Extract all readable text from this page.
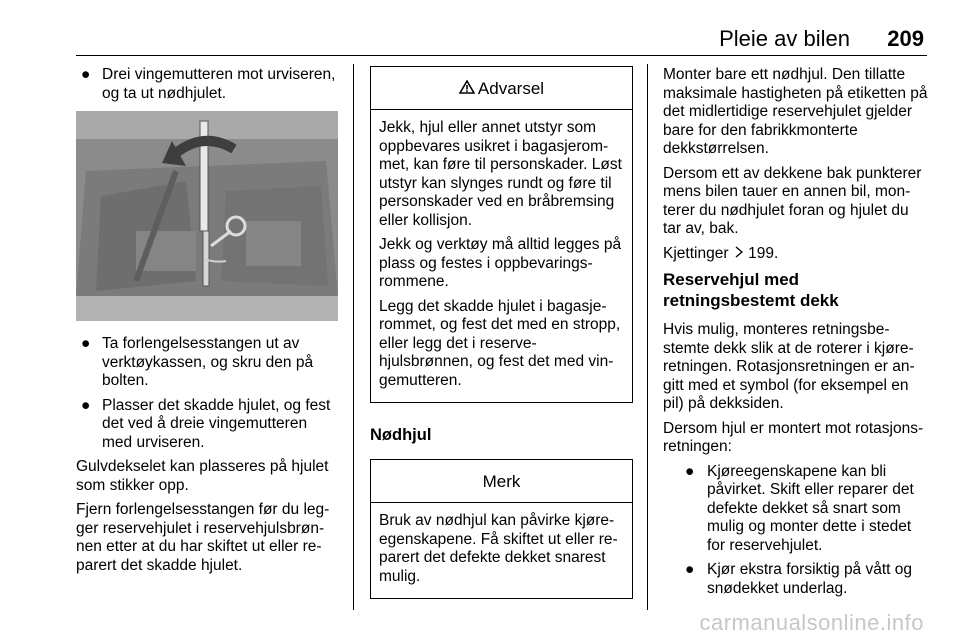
Pleie av bilen 209
● Drei vingemutteren mot urviseren, og ta ut nødhjulet.
● Ta forlengelsesstangen ut av verktøykassen, og skru den på bolten.
● Plasser det skadde hjulet, og fest det ved å dreie vingemutteren med urviseren.

Gulvdekselet kan plasseres på hjulet som stikker opp.

Fjern forlengelsesstangen før du legger reservehjulet i reservehjulsbrønnen etter at du har skiftet ut eller reparert det skadde hjulet.

Advarsel

Jekk, hjul eller annet utstyr som oppbevares usikret i bagasjerommet, kan føre til personskader. Løst utstyr kan slynges rundt og føre til personskader ved en bråbremsing eller kollisjon.

Jekk og verktøy må alltid legges på plass og festes i oppbevaringsrommene.

Legg det skadde hjulet i bagasjerommet, og fest det med en stropp, eller legg det i reservehjulsbrønnen, og fest det med vingemutteren.

Nødhjul
Merk

Bruk av nødhjul kan påvirke kjøreegenskapene. Få skiftet ut eller reparert det defekte dekket snarest mulig.

Monter bare ett nødhjul. Den tillatte maksimale hastigheten på etiketten på det midlertidige reservehjulet gjelder bare for den fabrikkmonterte dekkstørrelsen.

Dersom ett av dekkene bak punkterer mens bilen tauer en annen bil, monterer du nødhjulet foran og hjulet du tar av, bak.

Kjettinger 199.

Reservehjul med retningsbestemt dekk

Hvis mulig, monteres retningsbestemte dekk slik at de roterer i kjøreretningen. Rotasjonsretningen er angitt med et symbol (for eksempel en pil) på dekksiden.

Dersom hjul er montert mot rotasjonsretningen:

● Kjøreegenskapene kan bli påvirket. Skift eller reparer det defekte dekket så snart som mulig og monter dette i stedet for reservehjulet.
● Kjør ekstra forsiktig på vått og snødekket underlag.
carmanualsonline.info
